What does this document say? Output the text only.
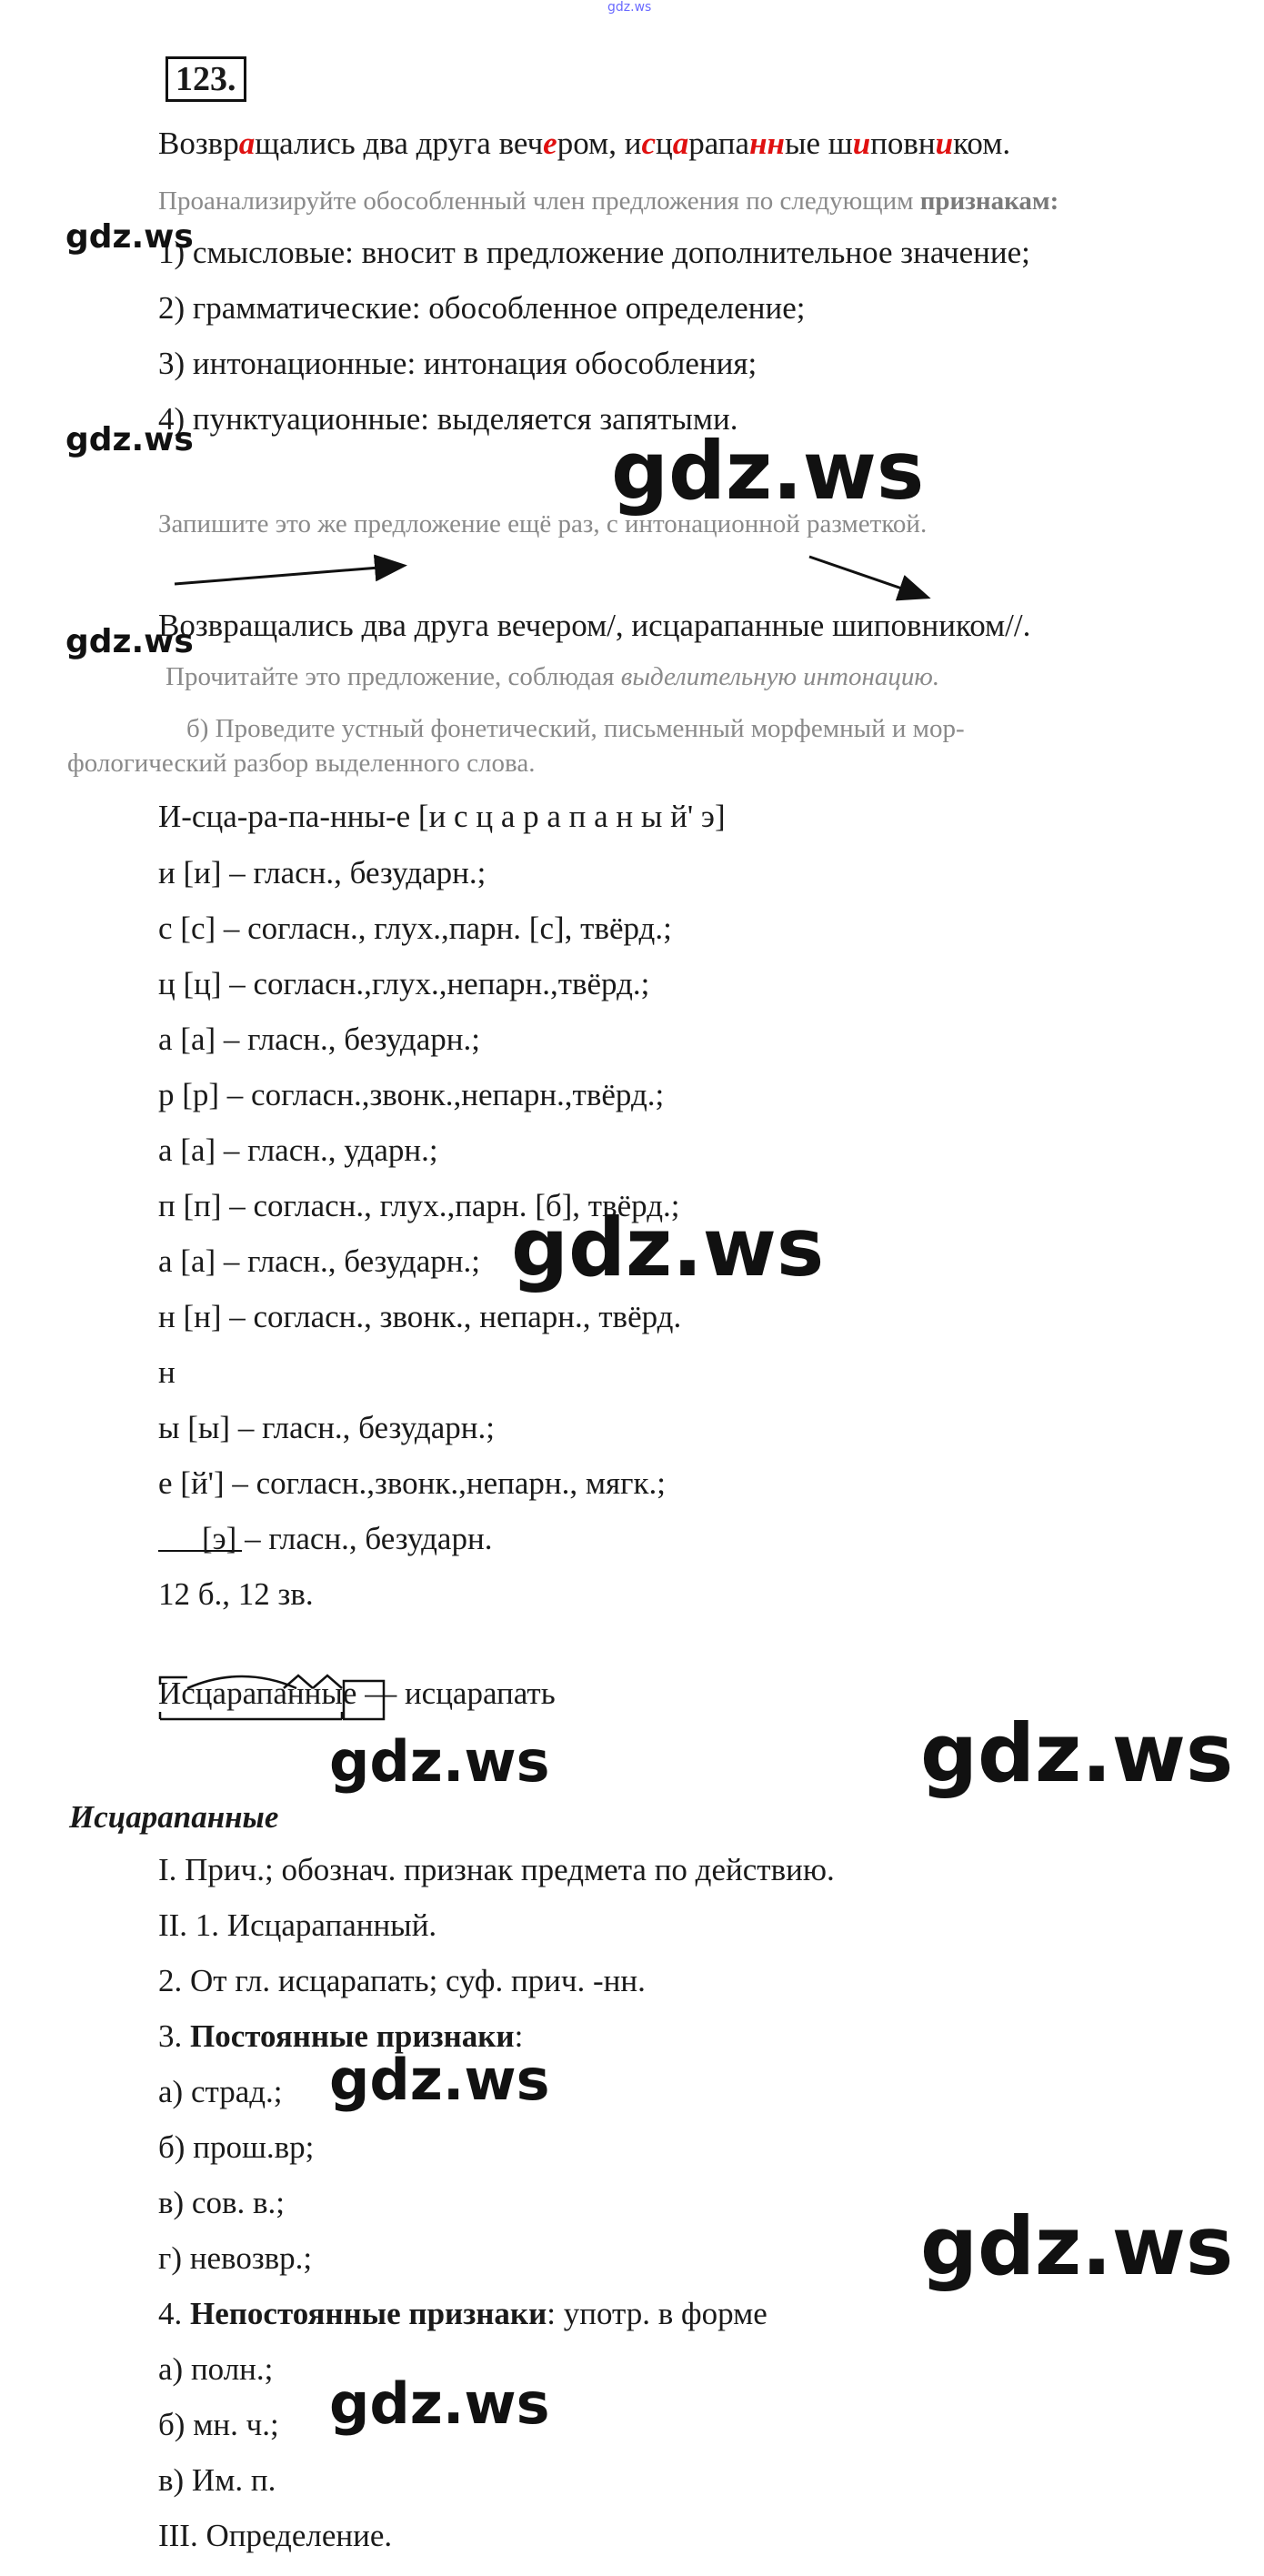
gdz.ws
123.
Возвращались два друга вечером, исцарапанные шиповником.
Проанализируйте обособленный член предложения по следующим признакам:
1) смысловые: вносит в предложение дополнительное значение;
2) грамматические: обособленное определение;
3) интонационные: интонация обособления;
4) пунктуационные: выделяется запятыми.
gdz.ws
gdz.ws
gdz.ws
gdz.ws
Запишите это же предложение ещё раз, с интонационной разметкой.
Возвращались два друга вечером/, исцарапанные шиповником//.
Прочитайте это предложение, соблюдая выделительную интонацию.
б) Проведите устный фонетический, письменный морфемный и мор-
фологический разбор выделенного слова.
И-сца-ра-па-нны-е [и с ц а р а п а н ы й' э]
и [и] – гласн., безударн.;
с [с] – согласн., глух.,парн. [с], твёрд.;
ц [ц] – согласн.,глух.,непарн.,твёрд.;
а [а] – гласн., безударн.;
р [р] – согласн.,звонк.,непарн.,твёрд.;
а [а] – гласн., ударн.;
п [п] – согласн., глух.,парн. [б], твёрд.;
а [а] – гласн., безударн.;
н [н] – согласн., звонк., непарн., твёрд.
н
ы [ы] – гласн., безударн.;
е [й'] – согласн.,звонк.,непарн., мягк.;
[э] – гласн., безударн.
12 б., 12 зв.
gdz.ws
Исцарапанные — исцарапать
gdz.ws	gdz.ws
Исцарапанные
I. Прич.; обознач. признак предмета по действию.
II. 1. Исцарапанный.
2. От гл. исцарапать; суф. прич. -нн.
3. Постоянные признаки:
а) страд.;
б) прош.вр;
в) сов. в.;
г) невозвр.;
4. Непостоянные признаки: употр. в форме
а) полн.;
б) мн. ч.;
в) Им. п.
III. Определение.
gdz.ws
gdz.ws
gdz.ws
